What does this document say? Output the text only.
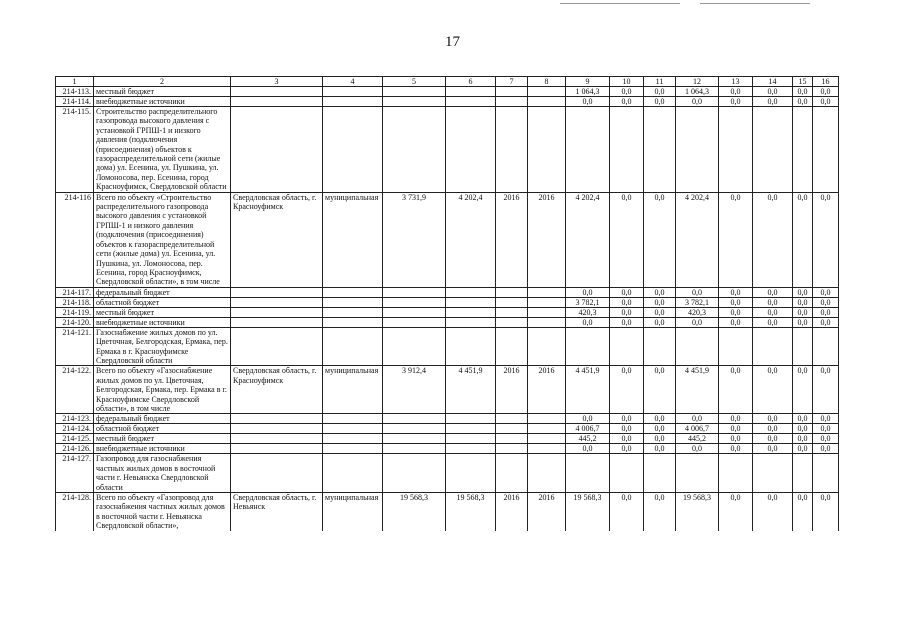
17
1	2	3	4	5	6	7	8	9	10	11	12	13	14	15	16
214-113.	местный бюджет							1 064,3	0,0	0,0	1 064,3	0,0	0,0	0,0	0,0
214-114.	внебюджетные источники							0,0	0,0	0,0	0,0	0,0	0,0	0,0	0,0
214-115.	Строительство распределительного газопровода высокого давления с установкой ГРПШ-1 и низкого давления (подключения (присоединения) объектов к газораспределительной сети (жилые дома) ул. Есенина, ул. Пушкина, ул. Ломоносова, пер. Есенина, город Красноуфимск, Свердловской области														
214-116	Всего по объекту «Строительство распределительного газопровода высокого давления с установкой ГРПШ-1 и низкого давления (подключения (присоединения) объектов к газораспределительной сети (жилые дома) ул. Есенина, ул. Пушкина, ул. Ломоносова, пер. Есенина, город Красноуфимск, Свердловской области», в том числе	Свердловская область, г. Красноуфимск	муниципальная	3 731,9	4 202,4	2016	2016	4 202,4	0,0	0,0	4 202,4	0,0	0,0	0,0	0,0
214-117.	федеральный бюджет							0,0	0,0	0,0	0,0	0,0	0,0	0,0	0,0
214-118.	областной бюджет							3 782,1	0,0	0,0	3 782,1	0,0	0,0	0,0	0,0
214-119.	местный бюджет							420,3	0,0	0,0	420,3	0,0	0,0	0,0	0,0
214-120.	внебюджетные источники							0,0	0,0	0,0	0,0	0,0	0,0	0,0	0,0
214-121.	Газоснабжение жилых домов по ул. Цветочная, Белгородская, Ермака, пер. Ермака в г. Красноуфимске Свердловской области														
214-122.	Всего по объекту «Газоснабжение жилых домов по ул. Цветочная, Белгородская, Ермака, пер. Ермака в г. Красноуфимске Свердловской области», в том числе	Свердловская область, г. Красноуфимск	муниципальная	3 912,4	4 451,9	2016	2016	4 451,9	0,0	0,0	4 451,9	0,0	0,0	0,0	0,0
214-123.	федеральный бюджет							0,0	0,0	0,0	0,0	0,0	0,0	0,0	0,0
214-124.	областной бюджет							4 006,7	0,0	0,0	4 006,7	0,0	0,0	0,0	0,0
214-125.	местный бюджет							445,2	0,0	0,0	445,2	0,0	0,0	0,0	0,0
214-126.	внебюджетные источники							0,0	0,0	0,0	0,0	0,0	0,0	0,0	0,0
214-127.	Газопровод для газоснабжения частных жилых домов в восточной части г. Невьянска Свердловской области														
214-128.	Всего по объекту «Газопровод для газоснабжения частных жилых домов в восточной части г. Невьянска Свердловской области»,	Свердловская область, г. Невьянск	муниципальная	19 568,3	19 568,3	2016	2016	19 568,3	0,0	0,0	19 568,3	0,0	0,0	0,0	0,0
